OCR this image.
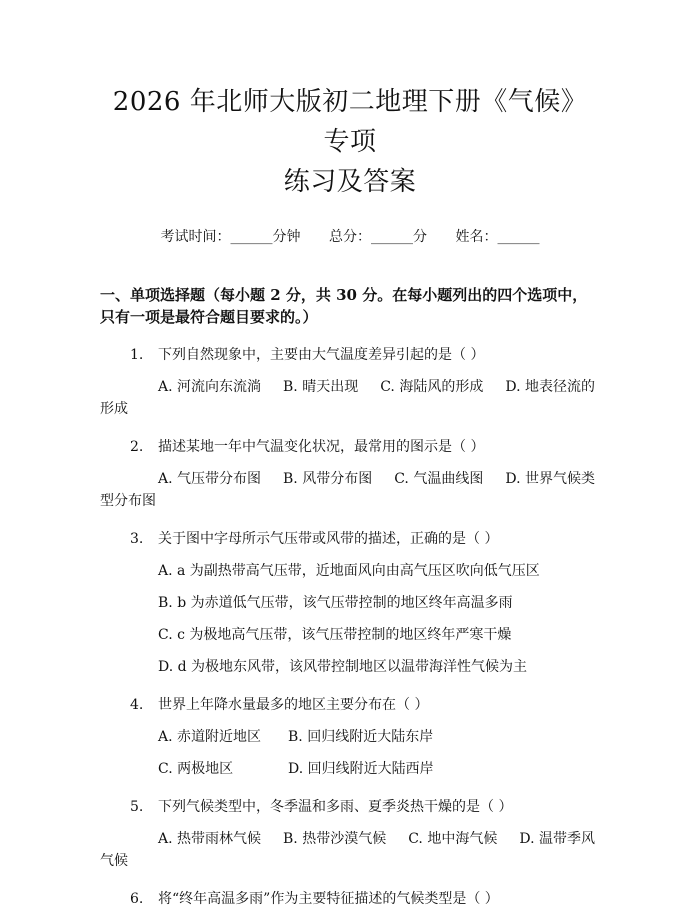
2026 年北师大版初二地理下册《气候》专项
练习及答案
考试时间：______分钟 总分：______分 姓名：______
一、单项选择题（每小题 2 分，共 30 分。在每小题列出的四个选项中，只有一项是最符合题目要求的。）
1. 下列自然现象中，主要由大气温度差异引起的是（ ）
A. 河流向东流淌 B. 晴天出现 C. 海陆风的形成 D. 地表径流的形成
2. 描述某地一年中气温变化状况，最常用的图示是（ ）
A. 气压带分布图 B. 风带分布图 C. 气温曲线图 D. 世界气候类型分布图
3. 关于图中字母所示气压带或风带的描述，正确的是（ ）
A. a 为副热带高气压带，近地面风向由高气压区吹向低气压区
B. b 为赤道低气压带，该气压带控制的地区终年高温多雨
C. c 为极地高气压带，该气压带控制的地区终年严寒干燥
D. d 为极地东风带，该风带控制地区以温带海洋性气候为主
4. 世界上年降水量最多的地区主要分布在（ ）
A. 赤道附近地区 B. 回归线附近大陆东岸
C. 两极地区	D. 回归线附近大陆西岸
5. 下列气候类型中，冬季温和多雨、夏季炎热干燥的是（ ）
A. 热带雨林气候 B. 热带沙漠气候 C. 地中海气候 D. 温带季风气候
6. 将“终年高温多雨”作为主要特征描述的气候类型是（ ）
